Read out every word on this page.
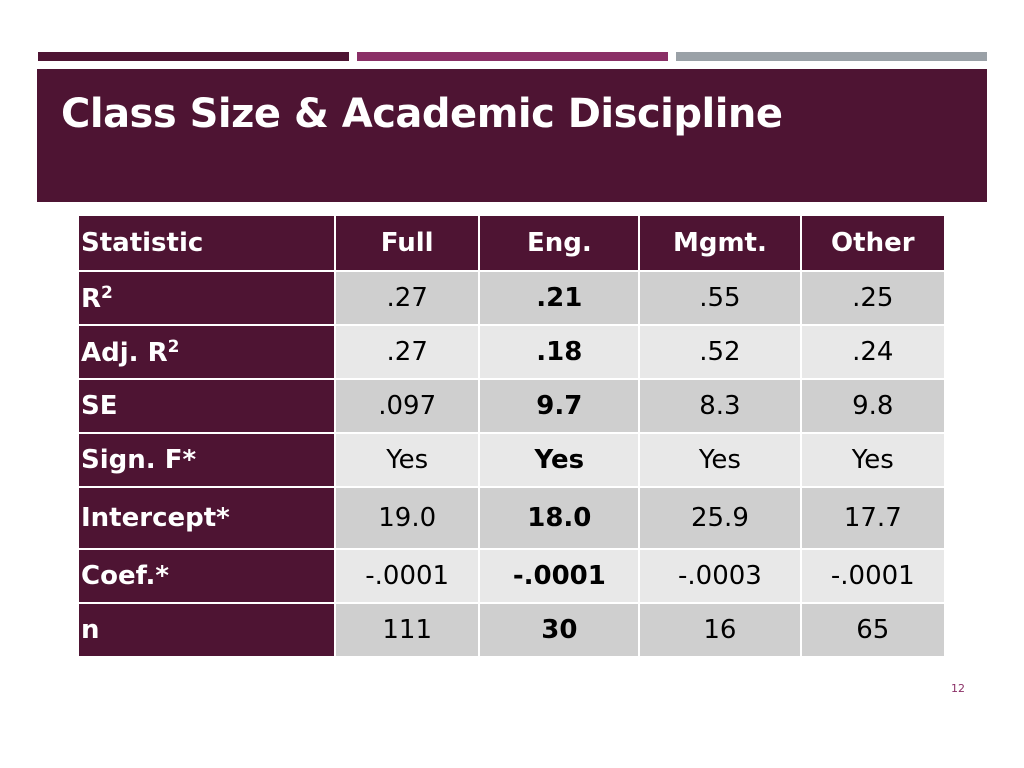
Class Size & Academic Discipline
Statistic	Full	Eng.	Mgmt.	Other
$R^2$	.27	.21	.55	.25
Adj. $R^2$	.27	.18	.52	.24
SE	.097	9.7	8.3	9.8
Sign. F*	Yes	Yes	Yes	Yes
Intercept*	19.0	18.0	25.9	17.7
Coef.*	-.0001	-.0001	-.0003	-.0001
n	111	30	16	65
12
